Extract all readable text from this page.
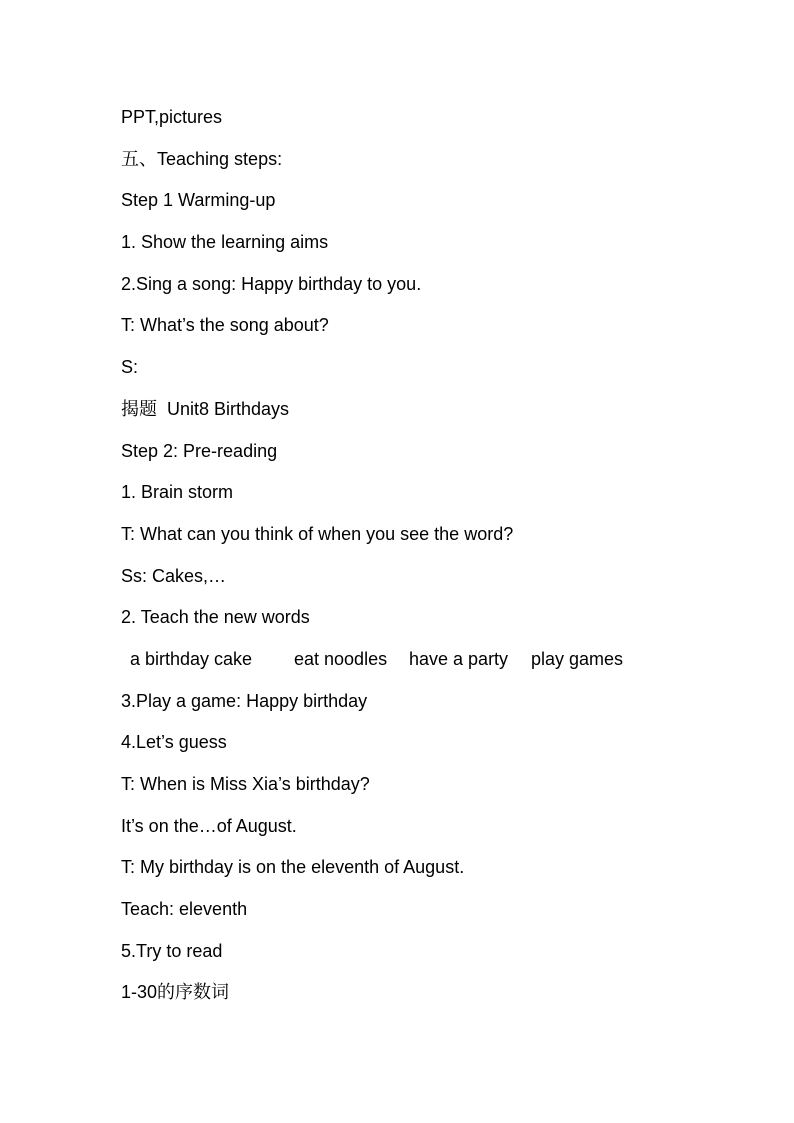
PPT,pictures
五、Teaching steps:
Step 1 Warming-up
1. Show the learning aims
2.Sing a song: Happy birthday to you.
T: What’s the song about?
S:
揭题  Unit8 Birthdays
Step 2: Pre-reading
1. Brain storm
T: What can you think of when you see the word?
Ss: Cakes,…
2. Teach the new words
a birthday cake	eat noodles	have a party	play games
3.Play a game: Happy birthday
4.Let’s guess
T: When is Miss Xia’s birthday?
It’s on the…of August.
T: My birthday is on the eleventh of August.
Teach: eleventh
5.Try to read
1-30的序数词
